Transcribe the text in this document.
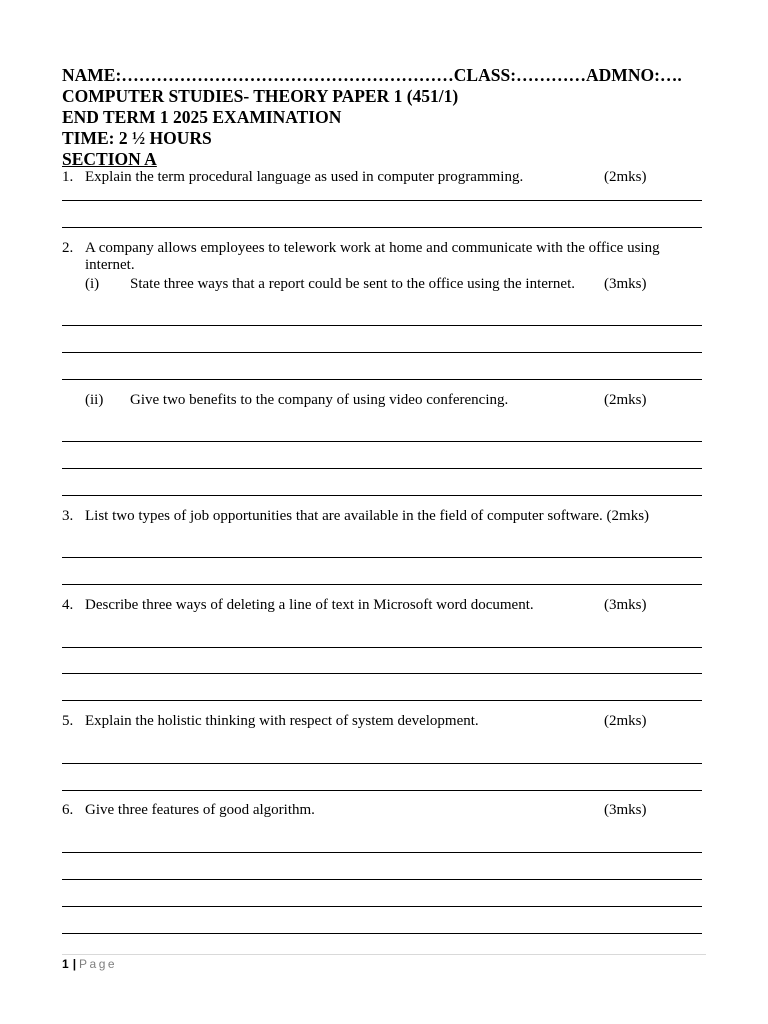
NAME:…………………………………………………CLASS:…………ADMNO:….
COMPUTER STUDIES- THEORY PAPER 1 (451/1)
END TERM 1 2025 EXAMINATION
TIME: 2 ½ HOURS
SECTION A
1. Explain the term procedural language as used in computer programming.	(2mks)
2. A company allows employees to telework work at home and communicate with the office using internet.
(i) State three ways that a report could be sent to the office using the internet. (3mks)
(ii) Give two benefits to the company of using video conferencing.	(2mks)
3. List two types of job opportunities that are available in the field of computer software. (2mks)
4. Describe three ways of deleting a line of text in Microsoft word document.	(3mks)
5. Explain the holistic thinking with respect of system development.	(2mks)
6. Give three features of good algorithm.	(3mks)
1 | Page
